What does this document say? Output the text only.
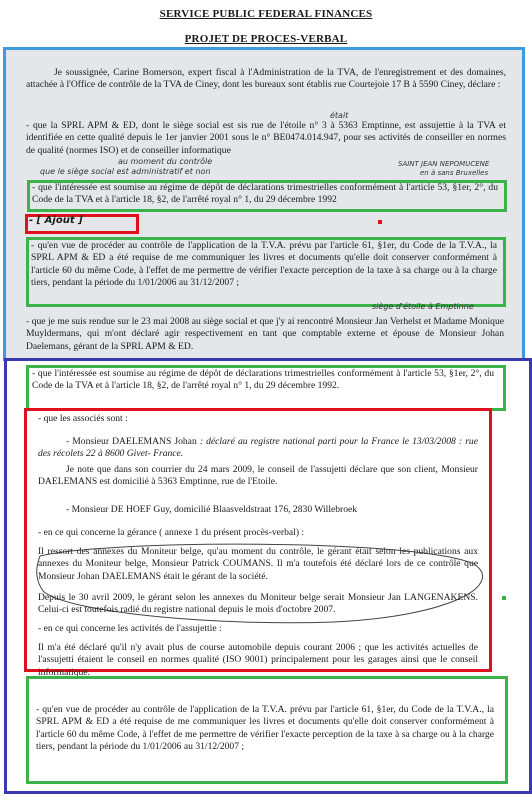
SERVICE PUBLIC FEDERAL FINANCES
PROJET DE PROCES-VERBAL
Je soussignée, Carine Bomerson, expert fiscal à l'Administration de la TVA, de l'enregistrement et des domaines, attachée à l'Office de contrôle de la TVA de Ciney, dont les bureaux sont établis rue Courtejoie 17 B à 5590 Ciney, déclare :
était
- que la SPRL APM & ED, dont le siège social est sis rue de l'étoile n° 3 à 5363 Emptinne, est assujettie à la TVA et identifiée en cette qualité depuis le 1er janvier 2001 sous le n° BE0474.014.947, pour ses activités de conseiller en normes de qualité (normes ISO) et de conseiller informatique
au moment du contrôle
que le siège social est administratif et non
SAINT JEAN NEPOMUCENE
en à sans Bruxelles
- que l'intéressée est soumise au régime de dépôt de déclarations trimestrielles conformément à l'article 53, §1er, 2°, du Code de la TVA et à l'article 18, §2, de l'arrêté royal n° 1, du 29 décembre 1992
- [ Ajout ]
- qu'en vue de procéder au contrôle de l'application de la T.V.A. prévu par l'article 61, §1er, du Code de la T.V.A., la SPRL APM & ED a été requise de me communiquer les livres et documents qu'elle doit conserver conformément à l'article 60 du même Code, à l'effet de me permettre de vérifier l'exacte perception de la taxe à sa charge ou à la charge tiers, pendant la période du 1/01/2006 au 31/12/2007 ;
siège d'étoile à Emptinne
- que je me suis rendue sur le 23 mai 2008 au siège social et que j'y ai rencontré Monsieur Jan Verhelst et Madame Monique Muyldermans, qui m'ont déclaré agir respectivement en tant que comptable externe et épouse de Monsieur Johan Daelemans, gérant de la SPRL APM & ED.
- que l'intéressée est soumise au régime de dépôt de déclarations trimestrielles conformément à l'article 53, §1er, 2°, du Code de la TVA et à l'article 18, §2, de l'arrêté royal n° 1, du 29 décembre 1992.
- que les associés sont :
- Monsieur DAELEMANS Johan : déclaré au registre national parti pour la France le 13/03/2008 : rue des récolets 22 à 8600 Givet- France.
Je note que dans son courrier du 24 mars 2009, le conseil de l'assujetti déclare que son client, Monsieur DAELEMANS est domicilié à 5363 Emptinne, rue de l'Etoile.
- Monsieur DE HOEF Guy, domicilié Blaasveldstraat 176, 2830 Willebroek
- en ce qui concerne la gérance ( annexe 1 du présent procès-verbal) :
Il ressort des annexes du Moniteur belge, qu'au moment du contrôle, le gérant était selon les publications aux annexes du Moniteur belge, Monsieur Patrick COUMANS. Il m'a toutefois été déclaré lors de ce contrôle que Monsieur Johan DAELEMANS était le gérant de la société.
Depuis le 30 avril 2009, le gérant selon les annexes du Moniteur belge serait Monsieur Jan LANGENAKENS. Celui-ci est toutefois radié du registre national depuis le mois d'octobre 2007.
- en ce qui concerne les activités de l'assujettie :
Il m'a été déclaré qu'il n'y avait plus de course automobile depuis courant 2006 ; que les activités actuelles de l'assujetti étaient le conseil en normes qualité (ISO 9001) principalement pour les garages ainsi que le conseil informatique.
- qu'en vue de procéder au contrôle de l'application de la T.V.A. prévu par l'article 61, §1er, du Code de la T.V.A., la SPRL APM & ED a été requise de me communiquer les livres et documents qu'elle doit conserver conformément à l'article 60 du même Code, à l'effet de me permettre de vérifier l'exacte perception de la taxe à sa charge ou à la charge tiers, pendant la période du 1/01/2006 au 31/12/2007 ;
